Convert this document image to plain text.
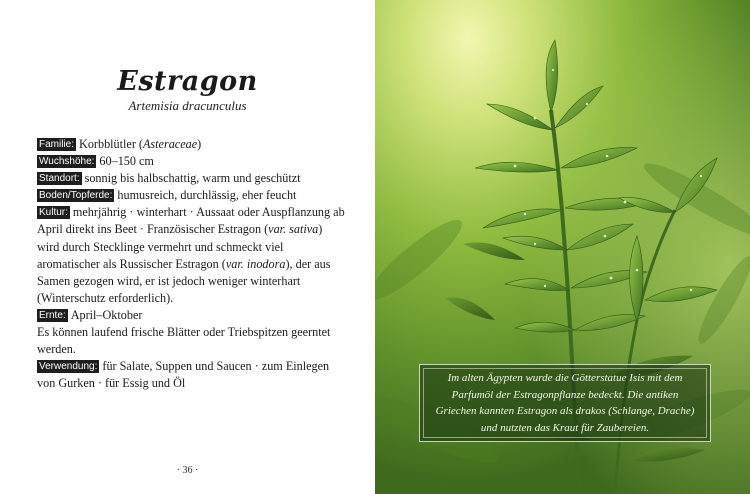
Estragon
Artemisia dracunculus

Familie: Korbblütler (Asteraceae)

Wuchshöhe: 60–150 cm

Standort: sonnig bis halbschattig, warm und geschützt

Boden/Topferde: humusreich, durchlässig, eher feucht

Kultur: mehrjährig · winterhart · Aussaat oder Auspflanzung ab April direkt ins Beet · Französischer Estragon (var. sativa) wird durch Stecklinge vermehrt und schmeckt viel aromatischer als Russischer Estragon (var. inodora), der aus Samen gezogen wird, er ist jedoch weniger winterhart (Winterschutz erforderlich).

Ernte: April–Oktober

Es können laufend frische Blätter oder Triebspitzen geerntet werden.

Verwendung: für Salate, Suppen und Saucen · zum Einlegen von Gurken · für Essig und Öl

· 36 ·
Im alten Ägypten wurde die Götterstatue Isis mit dem Parfumöl der Estragonpflanze bedeckt. Die antiken Griechen kannten Estragon als drakos (Schlange, Drache) und nutzten das Kraut für Zaubereien.
